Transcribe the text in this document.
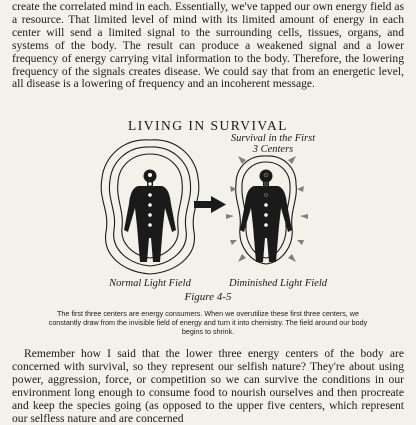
create the correlated mind in each. Essentially, we've tapped our own energy field as a resource. That limited level of mind with its limited amount of energy in each center will send a limited signal to the surrounding cells, tissues, organs, and systems of the body. The result can produce a weakened signal and a lower frequency of energy carrying vital information to the body. Therefore, the lowering frequency of the signals creates disease. We could say that from an energetic level, all disease is a lowering of frequency and an incoherent message.

LIVING IN SURVIVAL
Survival in the First 3 Centers
Normal Light Field	Diminished Light Field
Figure 4-5

The first three centers are energy consumers. When we overutilize these first three centers, we constantly draw from the invisible field of energy and turn it into chemistry. The field around our body begins to shrink.

Remember how I said that the lower three energy centers of the body are concerned with survival, so they represent our selfish nature? They're about using power, aggression, force, or competition so we can survive the conditions in our environment long enough to consume food to nourish ourselves and then procreate and keep the species going (as opposed to the upper five centers, which represent our selfless nature and are concerned
